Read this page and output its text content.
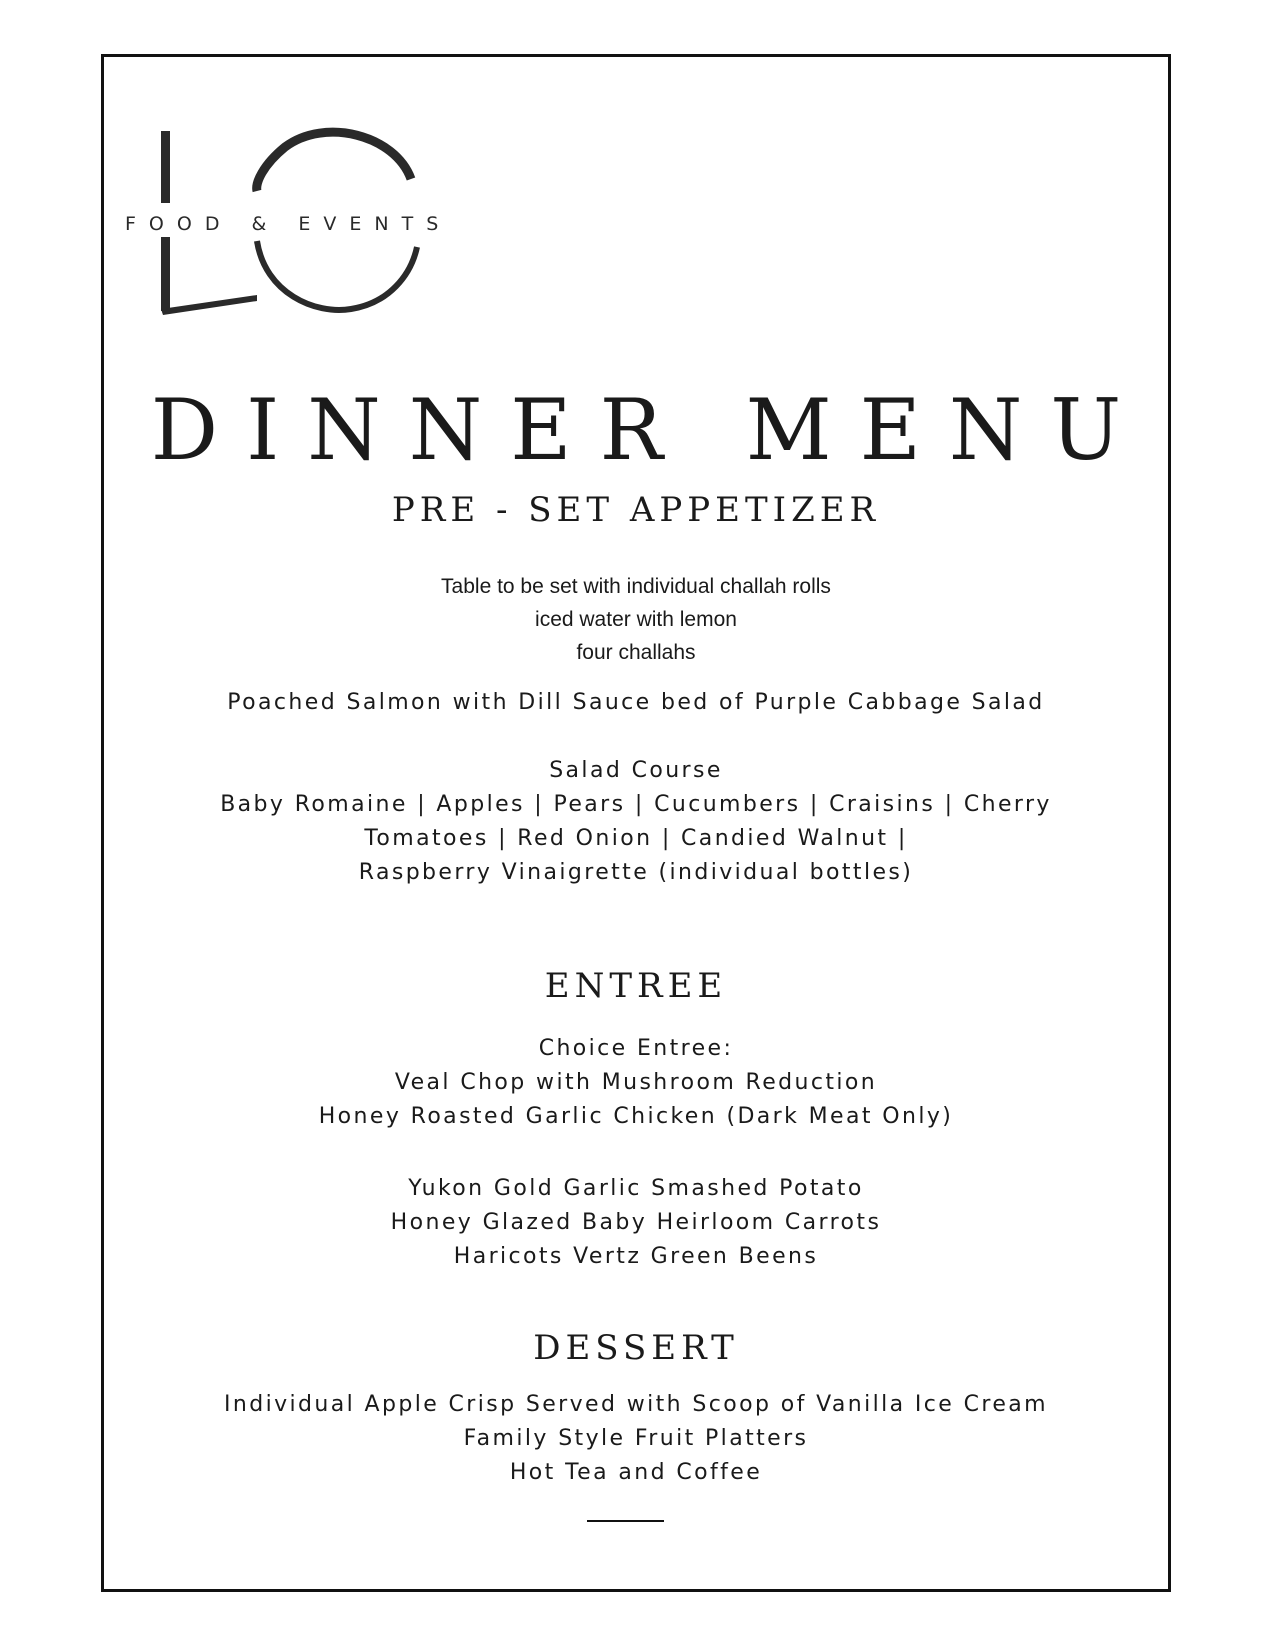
FOOD & EVENTS
DINNER MENU
PRE - SET APPETIZER
Table to be set with individual challah rolls
iced water with lemon
four challahs
Poached Salmon with Dill Sauce bed of Purple Cabbage Salad
Salad Course
Baby Romaine | Apples | Pears | Cucumbers | Craisins | Cherry
Tomatoes | Red Onion | Candied Walnut |
Raspberry Vinaigrette (individual bottles)
ENTREE
Choice Entree:
Veal Chop with Mushroom Reduction
Honey Roasted Garlic Chicken (Dark Meat Only)
Yukon Gold Garlic Smashed Potato
Honey Glazed Baby Heirloom Carrots
Haricots Vertz Green Beens
DESSERT
Individual Apple Crisp Served with Scoop of Vanilla Ice Cream
Family Style Fruit Platters
Hot Tea and Coffee
